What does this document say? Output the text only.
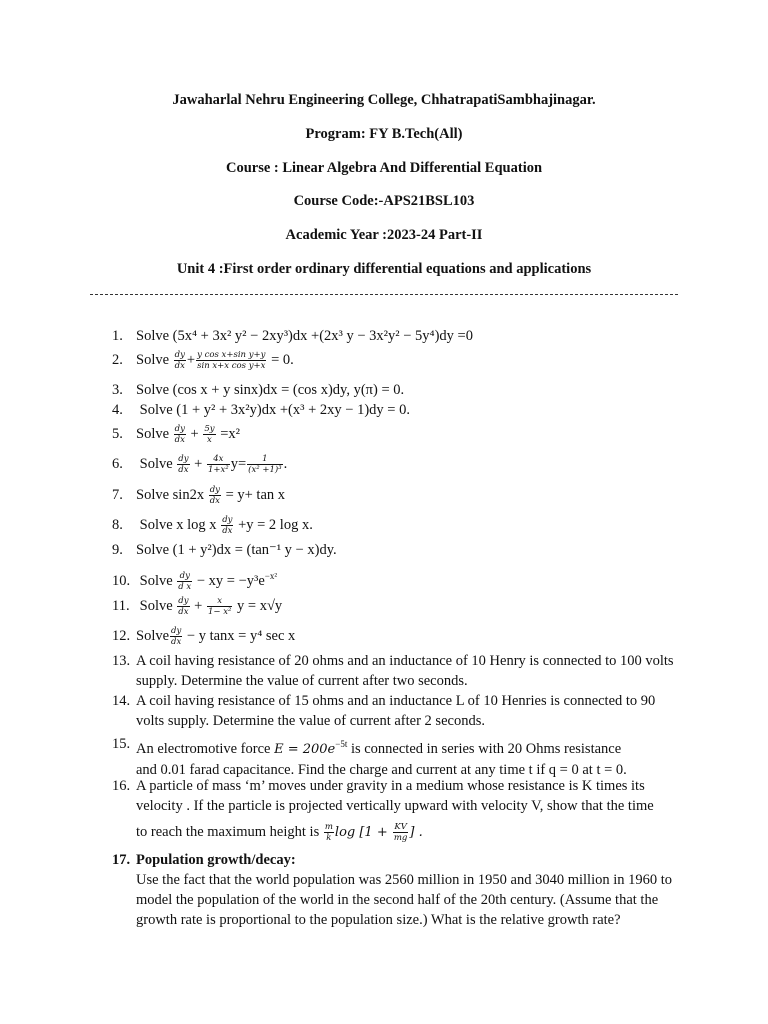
Jawaharlal Nehru Engineering College, ChhatrapatiSambhajinagar.
Program: FY B.Tech(All)
Course : Linear Algebra And Differential Equation
Course Code:-APS21BSL103
Academic Year :2023-24 Part-II
Unit 4 :First order ordinary differential equations and applications
1. Solve (5x⁴ + 3x² y² − 2xy³)dx +(2x³ y − 3x²y² − 5y⁴)dy =0
2. Solve $\frac{dy}{dx} + \frac{\text{y cos x+sin y+y}}{\text{sin x+x cos y+x}} = 0$.
3. Solve (cos x + y sinx)dx = (cos x)dy, y(π) = 0.
4. Solve (1 + y² + 3x²y)dx +(x³ + 2xy − 1)dy = 0.
5. Solve $\frac{dy}{dx} + \frac{5y}{x} =x^2$
6. Solve $\frac{dy}{dx} + \frac{4x}{\text{1+x²}} y= \frac{1}{\text{(x² +1)³}}$ .
7. Solve $\sin 2x \frac{dy}{dx} = y+ \tan x$
8. Solve x log x $\frac{dy}{dx} +y = 2$ log x.
9. Solve (1 + y²)dx = (tan⁻¹ y − x)dy.
10. Solve $\frac{dy}{\text{d x}}$ − xy = $-y^3e^{-x^2}$
11. Solve $\frac{dy}{dx} + \frac{x}{\text{1− x²}}$ y = x√y
12. Solve $\frac{dy}{dx} - y$ tanx = y⁴ sec x
13. A coil having resistance of 20 ohms and an inductance of 10 Henry is connected to 100 volts supply. Determine the value of current after two seconds.
14. A coil having resistance of 15 ohms and an inductance L of 10 Henries is connected to 90 volts supply. Determine the value of current after 2 seconds.
15. An electromotive force $E = 200e^{-5t}$ is connected in series with 20 Ohms resistance
and 0.01 farad capacitance. Find the charge and current at any time t if q = 0 at t = 0.
16. A particle of mass ‘m’ moves under gravity in a medium whose resistance is K times its velocity . If the particle is projected vertically upward with velocity V, show that the time
to reach the maximum height is $\frac{m}{k}$ $\log [1 + \frac{KV}{mg}$ ] .
17. Population growth/decay:
Use the fact that the world population was 2560 million in 1950 and 3040 million in 1960 to model the population of the world in the second half of the 20th century. (Assume that the growth rate is proportional to the population size.) What is the relative growth rate?
